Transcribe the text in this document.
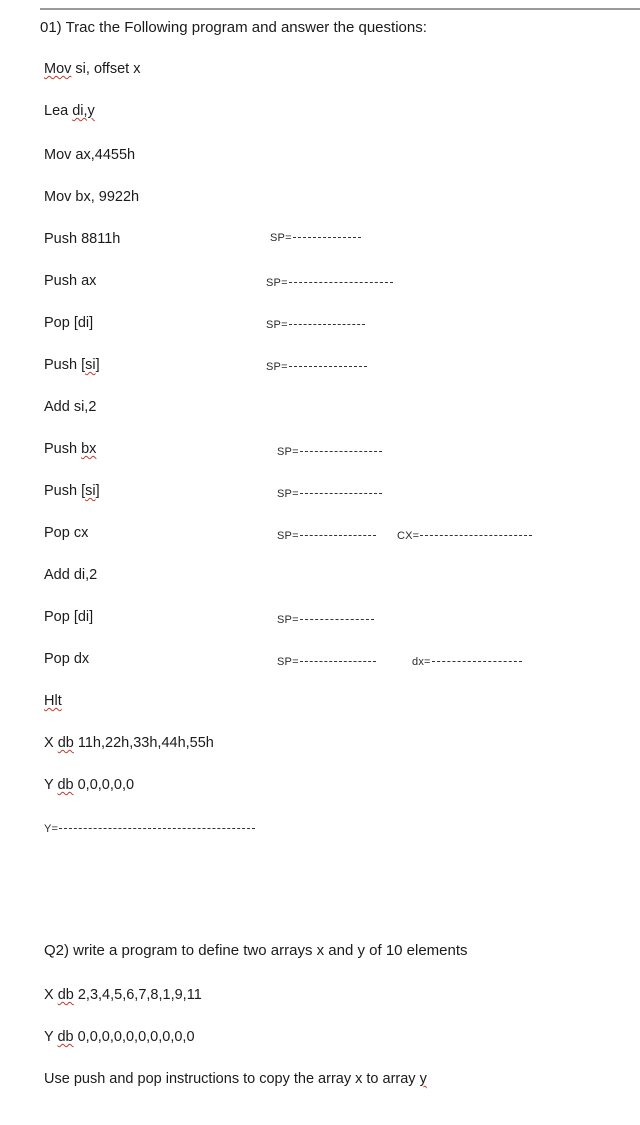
01) Trac the Following program and answer the questions:
Mov si, offset x
Lea di,y
Mov ax,4455h
Mov bx, 9922h
Push 8811h
Push ax
Pop [di]
Push [si]
Add si,2
Push bx
Push [si]
Pop cx
Add di,2
Pop [di]
Pop dx
Hlt
X db 11h,22h,33h,44h,55h
Y db 0,0,0,0,0
SP=
SP=
SP=
SP=
SP=
SP=
SP=	CX=
SP=
SP=	dx=
Y=
Q2) write a program to define two arrays x and y of 10 elements
X db 2,3,4,5,6,7,8,1,9,11
Y db 0,0,0,0,0,0,0,0,0,0
Use push and pop instructions to copy the array x to array y
